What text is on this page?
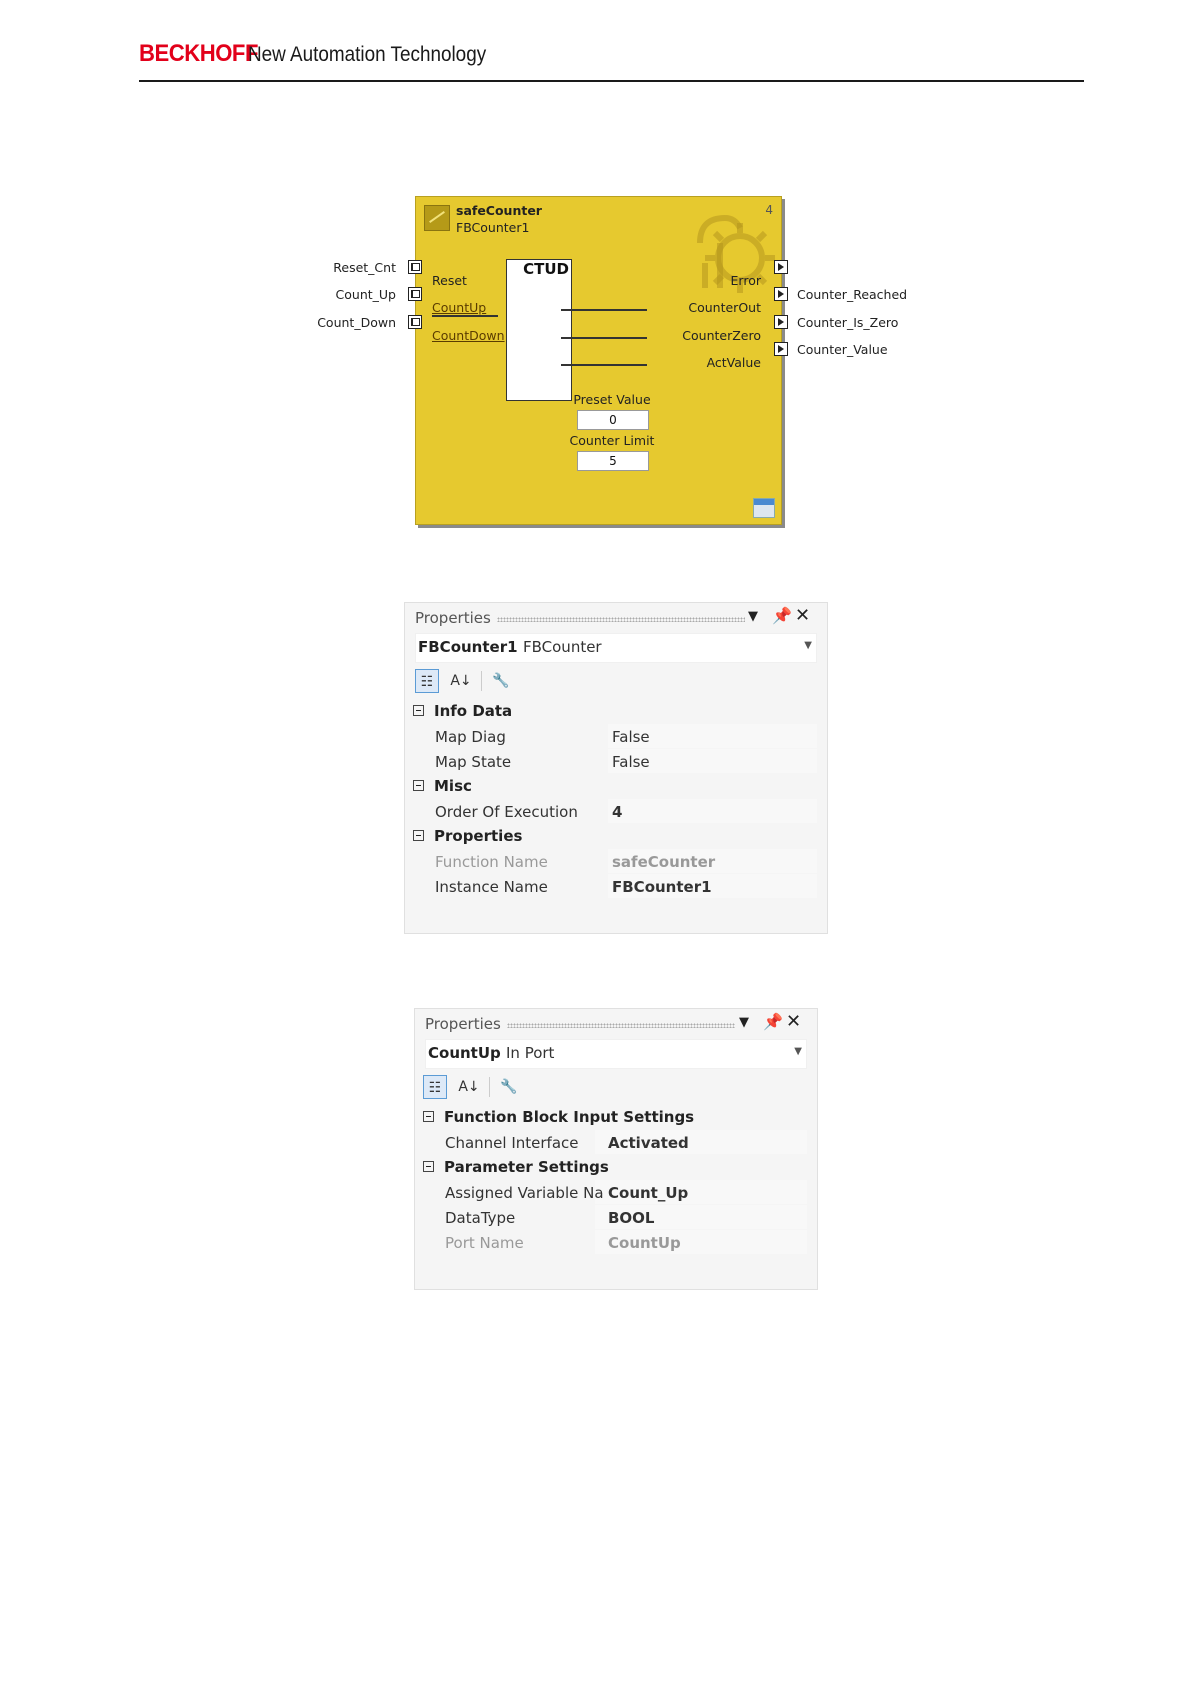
BECKHOFF
New Automation Technology
safeCounter
FBCounter1
4
CTUD
Reset
CountUp
CountDown
Error
CounterOut
CounterZero
ActValue
Preset Value
0
Counter Limit
5
Reset_Cnt
Count_Up
Count_Down
Counter_Reached
Counter_Is_Zero
Counter_Value
Properties	▼ 📌 ✕
FBCounter1 FBCounter	▼
☷	A↓ 🔧
Info Data
Map Diag	False
Map State	False
Misc
Order Of Execution 4
Properties
Function Name	safeCounter
Instance Name	FBCounter1
Properties	▼ 📌 ✕
CountUp In Port	▼
☷	A↓ 🔧
Function Block Input Settings
Channel Interface	Activated
Parameter Settings
Assigned Variable Na Count_Up
DataType	BOOL
Port Name	CountUp
